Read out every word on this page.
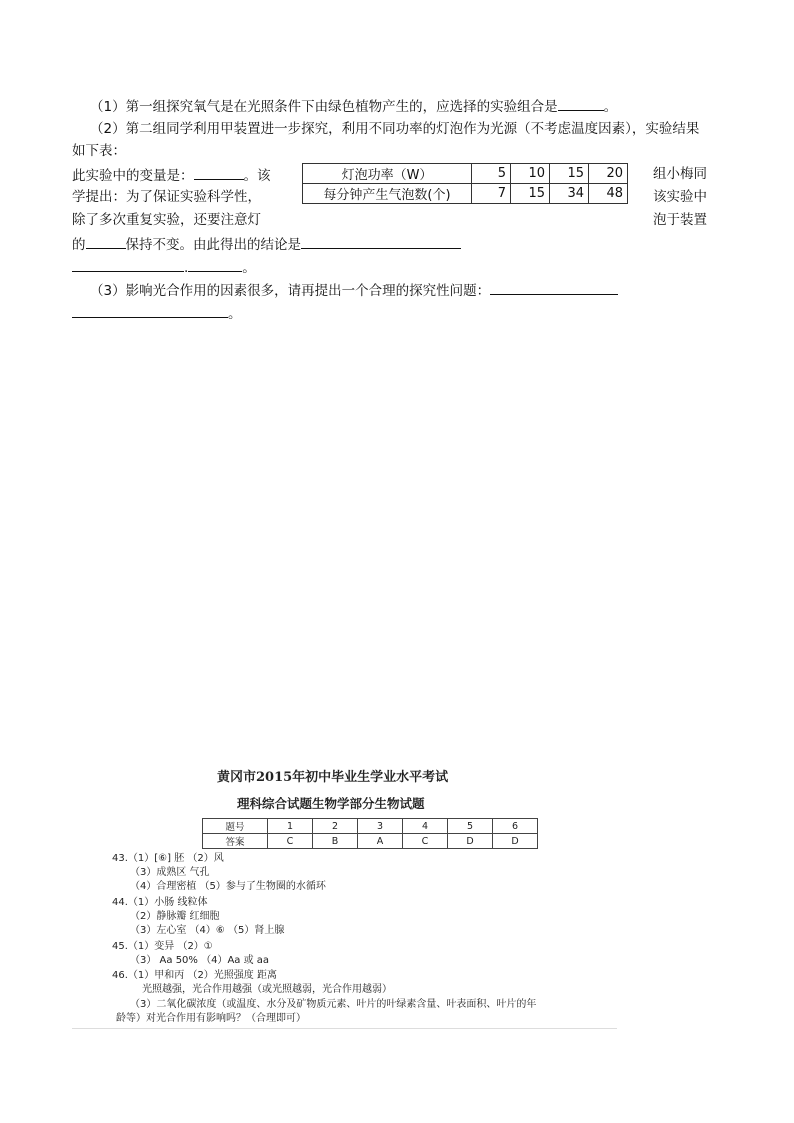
（1）第一组探究氧气是在光照条件下由绿色植物产生的，应选择的实验组合是	。
（2）第二组同学利用甲装置进一步探究，利用不同功率的灯泡作为光源（不考虑温度因素），实验结果
如下表：
此实验中的变量是：	。该	组小梅同
学提出：为了保证实验科学性，	该实验中
除了多次重复实验，还要注意灯	泡于装置
的	保持不变。由此得出的结论是
.	。
（3）影响光合作用的因素很多，请再提出一个合理的探究性问题：
。
灯泡功率（W）	5	10	15	20
每分钟产生气泡数(个)	7	15	34	48
黄冈市2015年初中毕业生学业水平考试
理科综合试题生物学部分生物试题
题号	1	2	3	4	5	6
答案	C	B	A	C	D	D
43.（1）[⑥] 胚 （2）风
（3）成熟区 气孔
（4）合理密植 （5）参与了生物圈的水循环
44.（1）小肠 线粒体
（2）静脉瓣 红细胞
（3）左心室 （4）⑥ （5）肾上腺
45.（1）变异 （2）①
（3） Aa 50% （4）Aa 或 aa
46.（1）甲和丙 （2）光照强度 距离
光照越强，光合作用越强（或光照越弱，光合作用越弱）
（3）二氧化碳浓度（或温度、水分及矿物质元素、叶片的叶绿素含量、叶表面积、叶片的年
龄等）对光合作用有影响吗？（合理即可）
